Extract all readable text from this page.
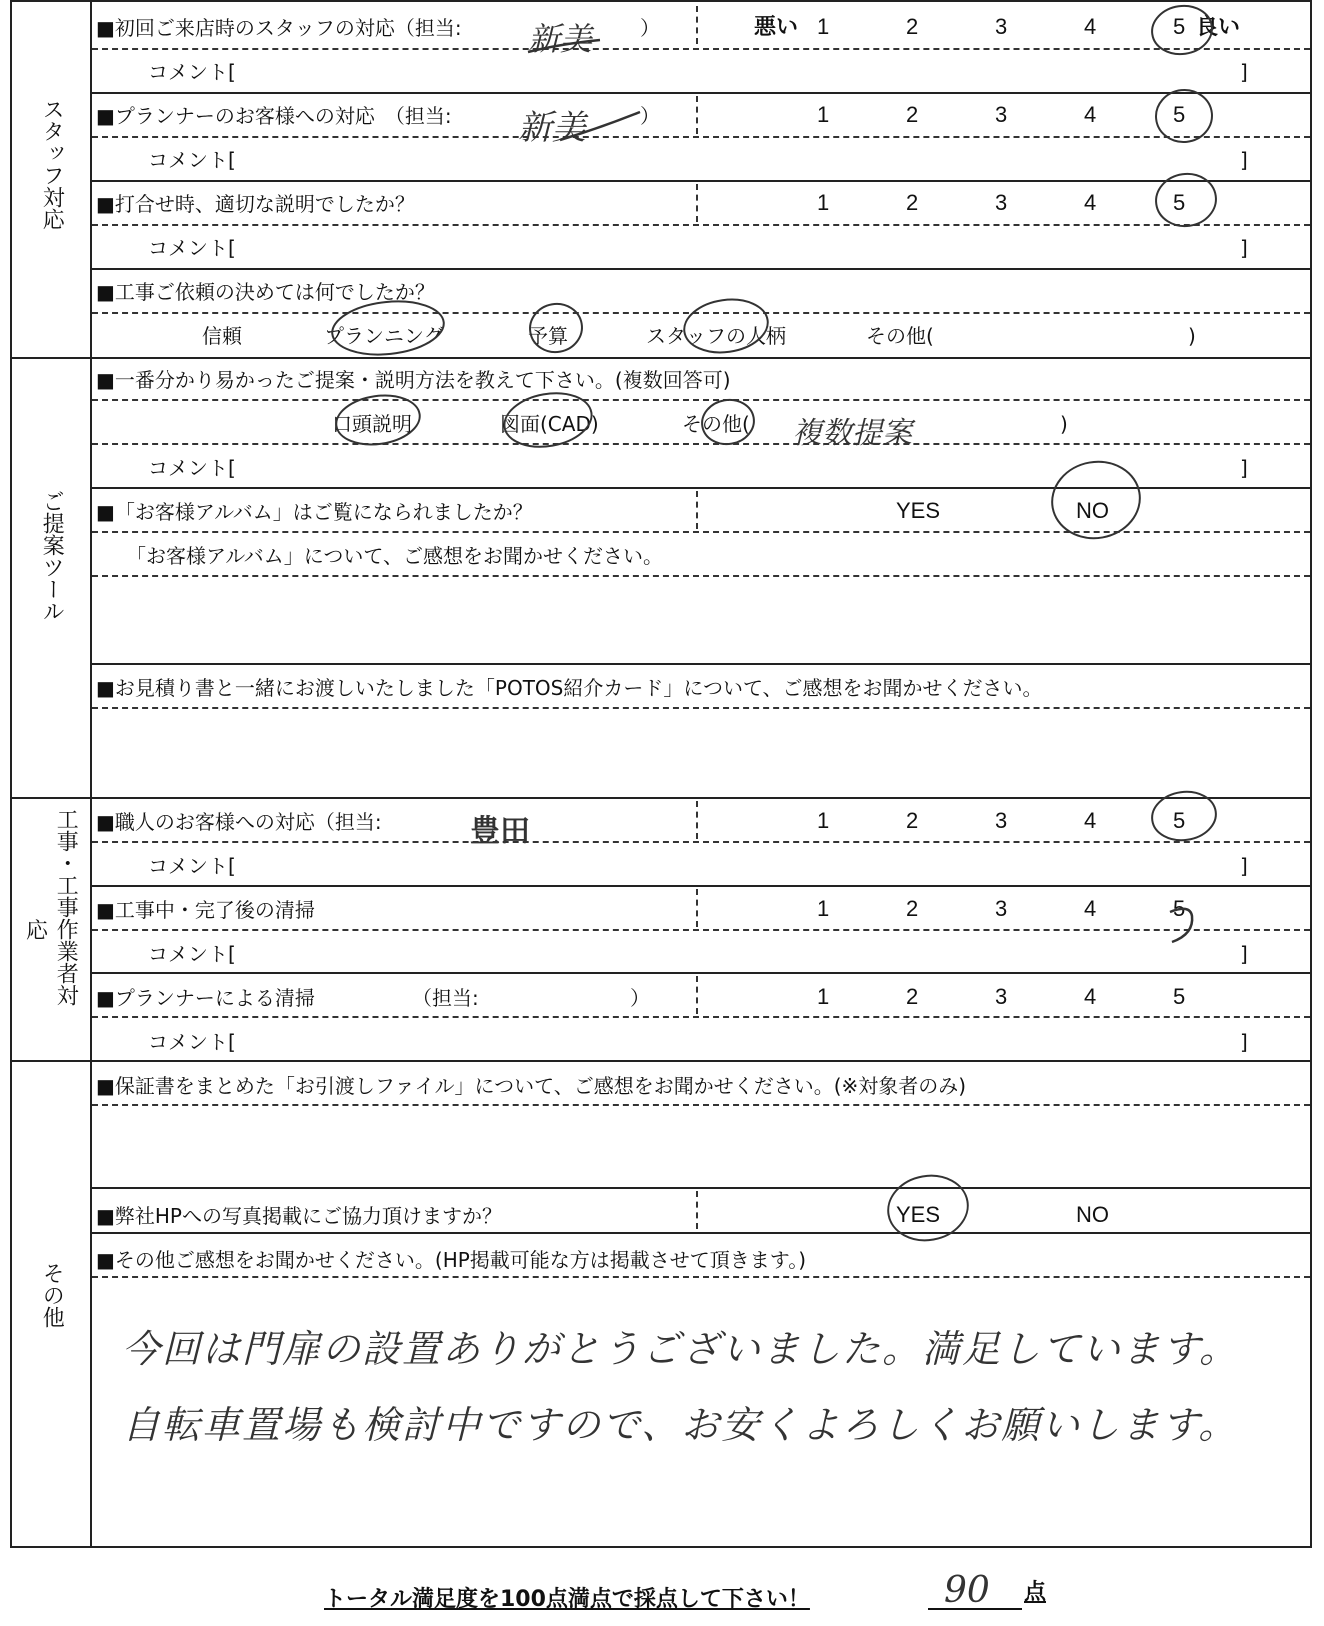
スタッフ対応
ご提案ツール
工事・工事作業者対
応
その他
■初回ご来店時のスタッフの対応（担当: 新美 ）	悪い 1	2	3	4	5 良い
コメント[	]
■プランナーのお客様への対応　（担当: 新美	）	1	2	3	4	5
コメント[	]
■打合せ時、適切な説明でしたか？	1	2	3	4	5
コメント[	]
■工事ご依頼の決めては何でしたか？
信頼	プランニング	予算	スタッフの人柄	その他(	)
■一番分かり易かったご提案・説明方法を教えて下さい。(複数回答可)
口頭説明	図面(CAD)	その他( 複数提案	)
コメント[	]
■「お客様アルバム」はご覧になられましたか？	YES	NO
「お客様アルバム」について、ご感想をお聞かせください。
■お見積り書と一緒にお渡しいたしました「POTOS紹介カード」について、ご感想をお聞かせください。
■職人のお客様への対応（担当:	豊田	1	2	3	4	5
コメント[	]
■工事中・完了後の清掃	1	2	3	4	5
コメント[	]
■プランナーによる清掃	（担当:	）	1	2	3	4	5
コメント[	]
■保証書をまとめた「お引渡しファイル」について、ご感想をお聞かせください。(※対象者のみ)
■弊社HPへの写真掲載にご協力頂けますか？	YES	NO
■その他ご感想をお聞かせください。(HP掲載可能な方は掲載させて頂きます。)
今回は門扉の設置ありがとうございました。満足しています。
自転車置場も検討中ですので、お安くよろしくお願いします。
トータル満足度を100点満点で採点して下さい！	90 点
